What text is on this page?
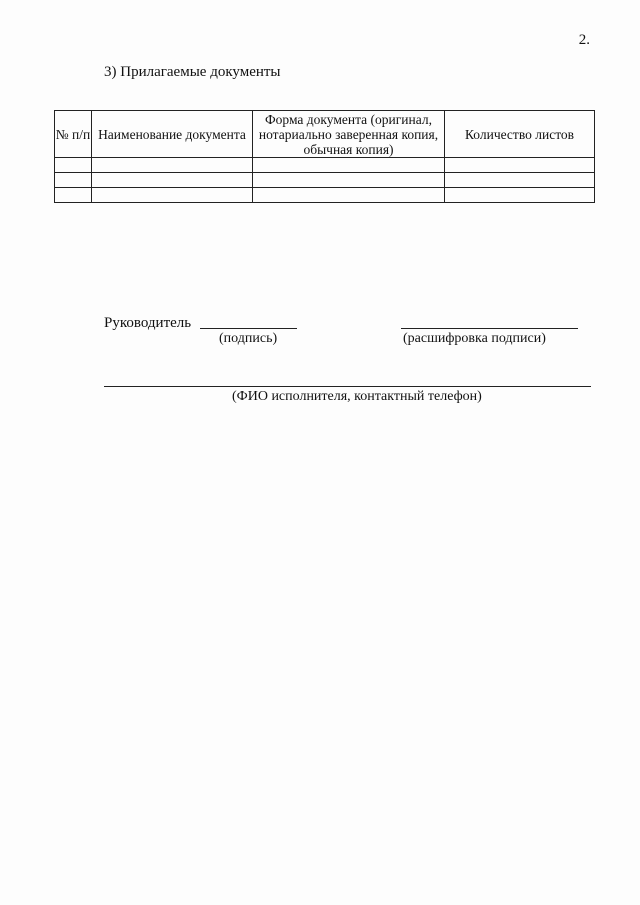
2.
3) Прилагаемые документы
№ п/п	Наименование документа	Форма документа (оригинал, нотариально заверенная копия, обычная копия)	Количество листов

Руководитель
(подпись)	(расшифровка подписи)
(ФИО исполнителя, контактный телефон)
